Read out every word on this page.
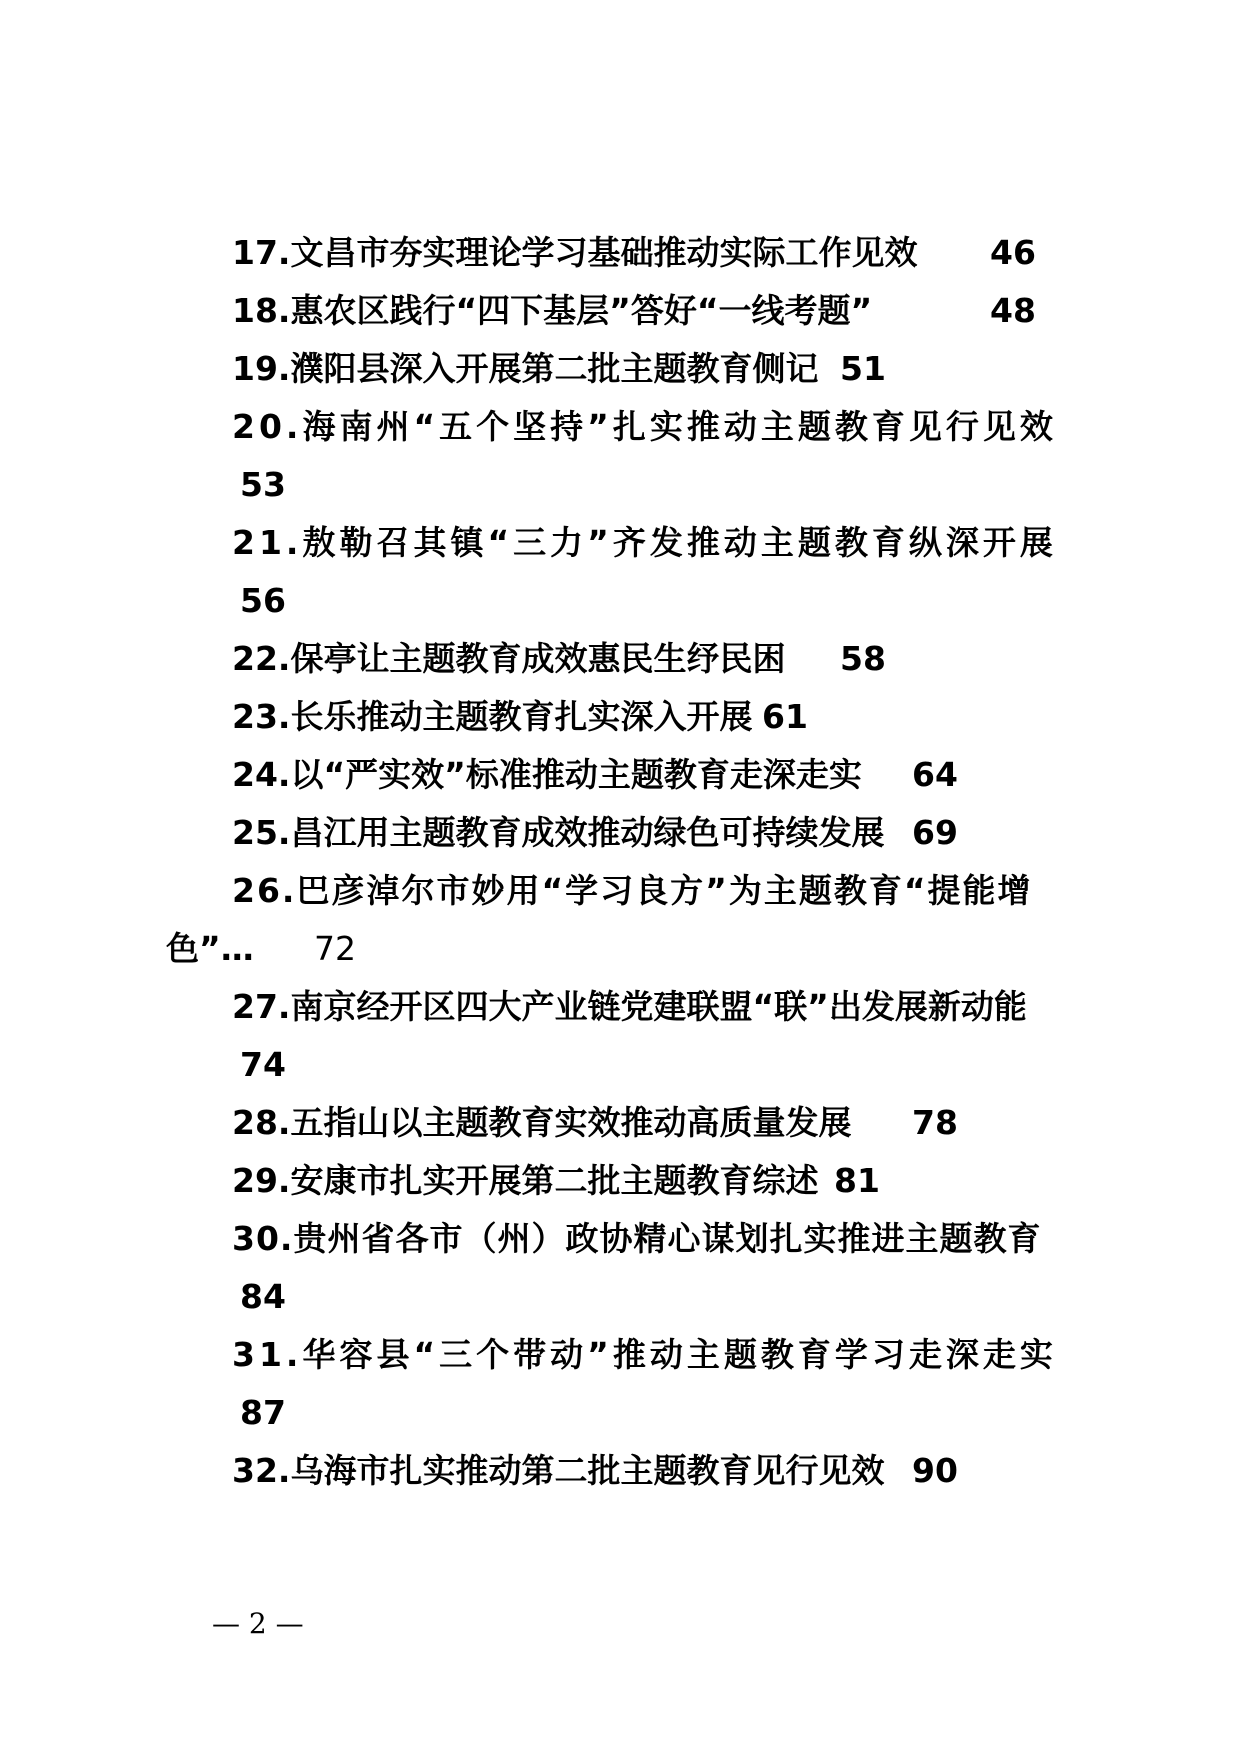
17.文昌市夯实理论学习基础推动实际工作见效 46
18.惠农区践行“四下基层”答好“一线考题”	48
19.濮阳县深入开展第二批主题教育侧记 51
20.海南州“五个坚持”扎实推动主题教育见行见效
53
21.敖勒召其镇“三力”齐发推动主题教育纵深开展
56
22.保亭让主题教育成效惠民生纾民困 58
23.长乐推动主题教育扎实深入开展 61
24.以“严实效”标准推动主题教育走深走实 64
25.昌江用主题教育成效推动绿色可持续发展 69
26.巴彦淖尔市妙用“学习良方”为主题教育“提能增
色”… 72
27.南京经开区四大产业链党建联盟“联”出发展新动能
74
28.五指山以主题教育实效推动高质量发展 78
29.安康市扎实开展第二批主题教育综述 81
30.贵州省各市（州）政协精心谋划扎实推进主题教育
84
31.华容县“三个带动”推动主题教育学习走深走实
87
32.乌海市扎实推动第二批主题教育见行见效 90
— 2 —
